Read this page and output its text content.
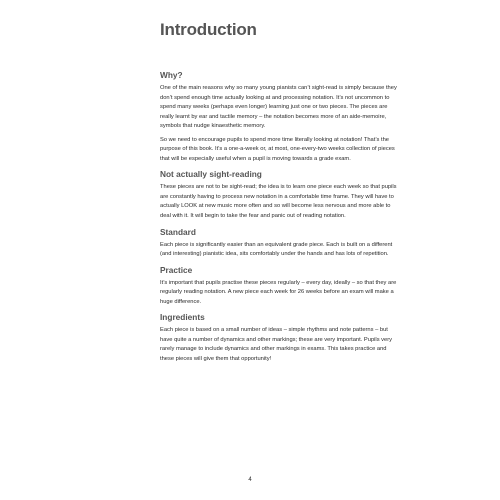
Introduction
Why?

One of the main reasons why so many young pianists can’t sight-read is simply because they don’t spend enough time actually looking at and processing notation. It’s not uncommon to spend many weeks (perhaps even longer) learning just one or two pieces. The pieces are really learnt by ear and tactile memory – the notation becomes more of an aide-memoire, symbols that nudge kinaesthetic memory.

So we need to encourage pupils to spend more time literally looking at notation! That’s the purpose of this book. It’s a one-a-week or, at most, one-every-two weeks collection of pieces that will be especially useful when a pupil is moving towards a grade exam.

Not actually sight-reading

These pieces are not to be sight-read; the idea is to learn one piece each week so that pupils are constantly having to process new notation in a comfortable time frame. They will have to actually LOOK at new music more often and so will become less nervous and more able to deal with it. It will begin to take the fear and panic out of reading notation.

Standard

Each piece is significantly easier than an equivalent grade piece. Each is built on a different (and interesting) pianistic idea, sits comfortably under the hands and has lots of repetition.

Practice

It’s important that pupils practise these pieces regularly – every day, ideally – so that they are regularly reading notation. A new piece each week for 26 weeks before an exam will make a huge difference.

Ingredients

Each piece is based on a small number of ideas – simple rhythms and note patterns – but have quite a number of dynamics and other markings; these are very important. Pupils very rarely manage to include dynamics and other markings in exams. This takes practice and these pieces will give them that opportunity!

4
